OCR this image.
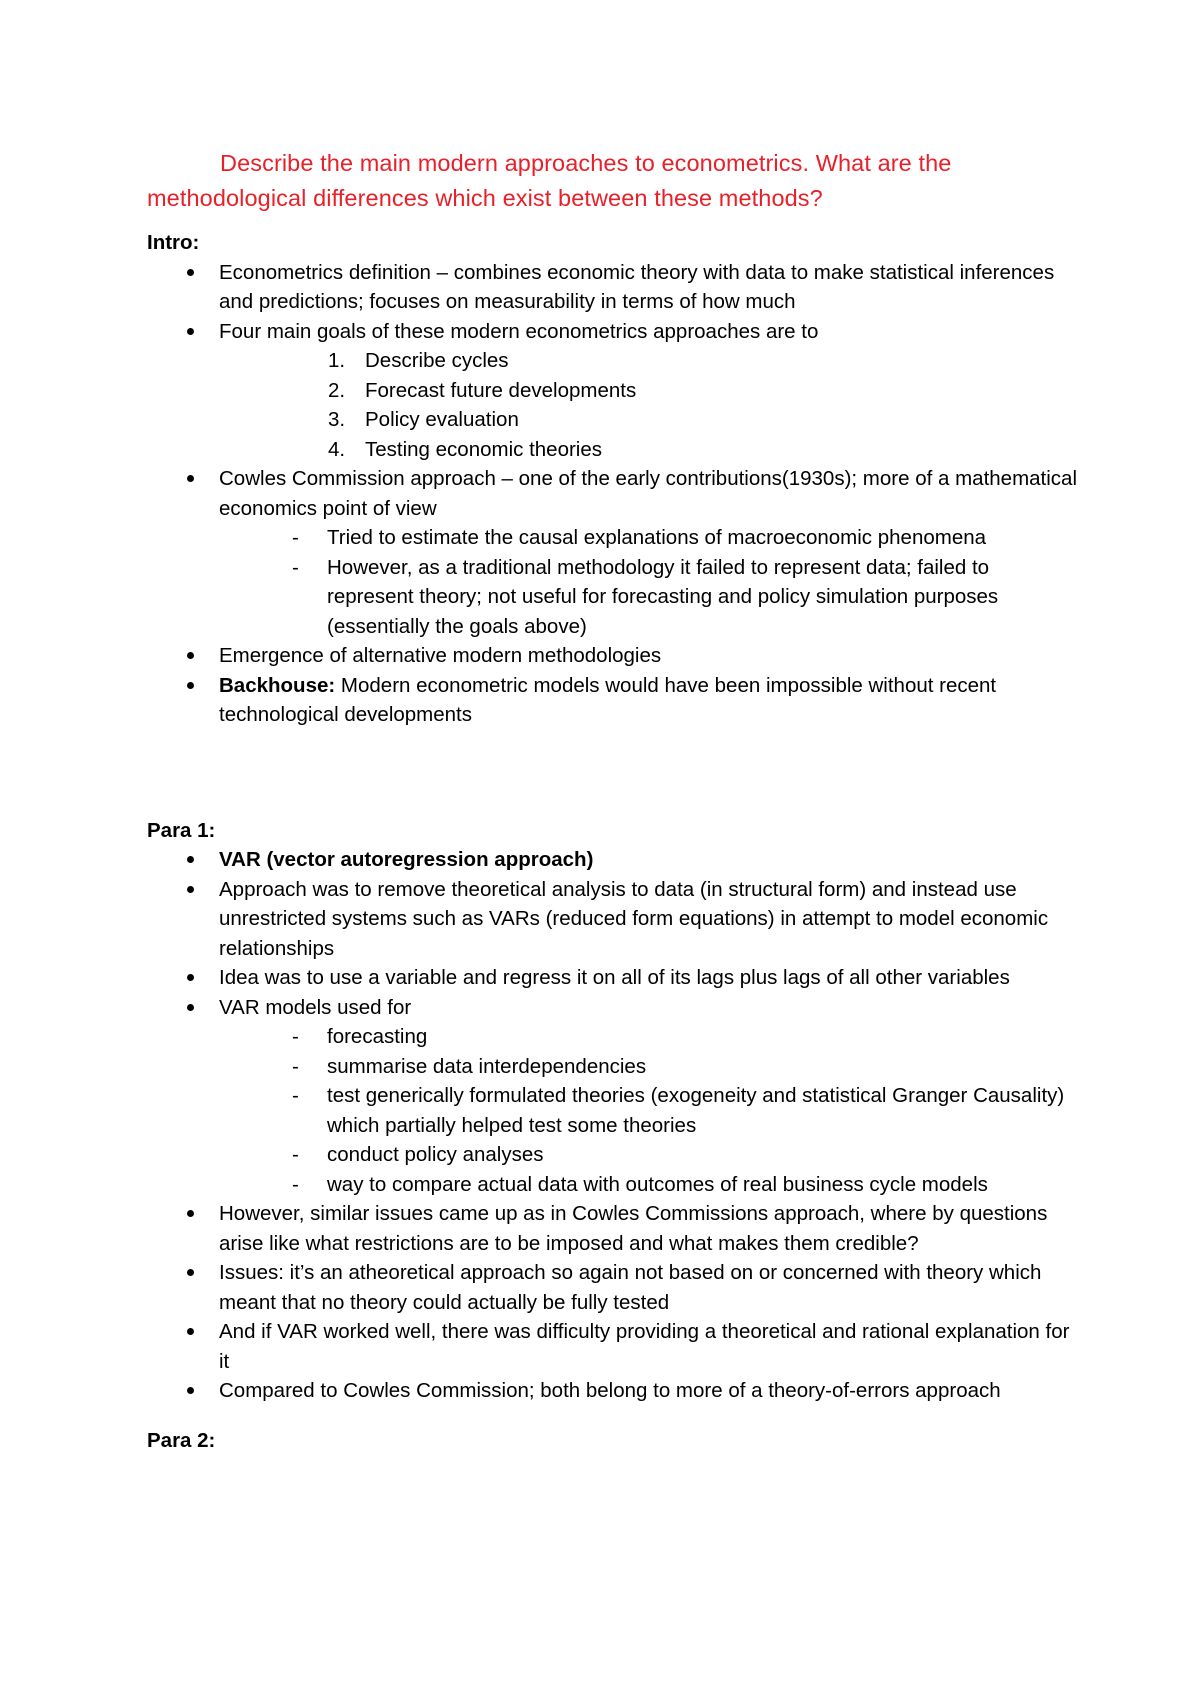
Describe the main modern approaches to econometrics. What are the methodological differences which exist between these methods?

Intro:

Econometrics definition – combines economic theory with data to make statistical inferences and predictions; focuses on measurability in terms of how much
Four main goals of these modern econometrics approaches are to
1. Describe cycles
2. Forecast future developments
3. Policy evaluation
4. Testing economic theories
Cowles Commission approach – one of the early contributions(1930s); more of a mathematical economics point of view
- Tried to estimate the causal explanations of macroeconomic phenomena
- However, as a traditional methodology it failed to represent data; failed to represent theory; not useful for forecasting and policy simulation purposes (essentially the goals above)
Emergence of alternative modern methodologies
Backhouse: Modern econometric models would have been impossible without recent technological developments

Para 1:

VAR (vector autoregression approach)
Approach was to remove theoretical analysis to data (in structural form) and instead use unrestricted systems such as VARs (reduced form equations) in attempt to model economic relationships
Idea was to use a variable and regress it on all of its lags plus lags of all other variables
VAR models used for
- forecasting
- summarise data interdependencies
- test generically formulated theories (exogeneity and statistical Granger Causality) which partially helped test some theories
- conduct policy analyses
- way to compare actual data with outcomes of real business cycle models
However, similar issues came up as in Cowles Commissions approach, where by questions arise like what restrictions are to be imposed and what makes them credible?
Issues: it’s an atheoretical approach so again not based on or concerned with theory which meant that no theory could actually be fully tested
And if VAR worked well, there was difficulty providing a theoretical and rational explanation for it
Compared to Cowles Commission; both belong to more of a theory-of-errors approach

Para 2:
